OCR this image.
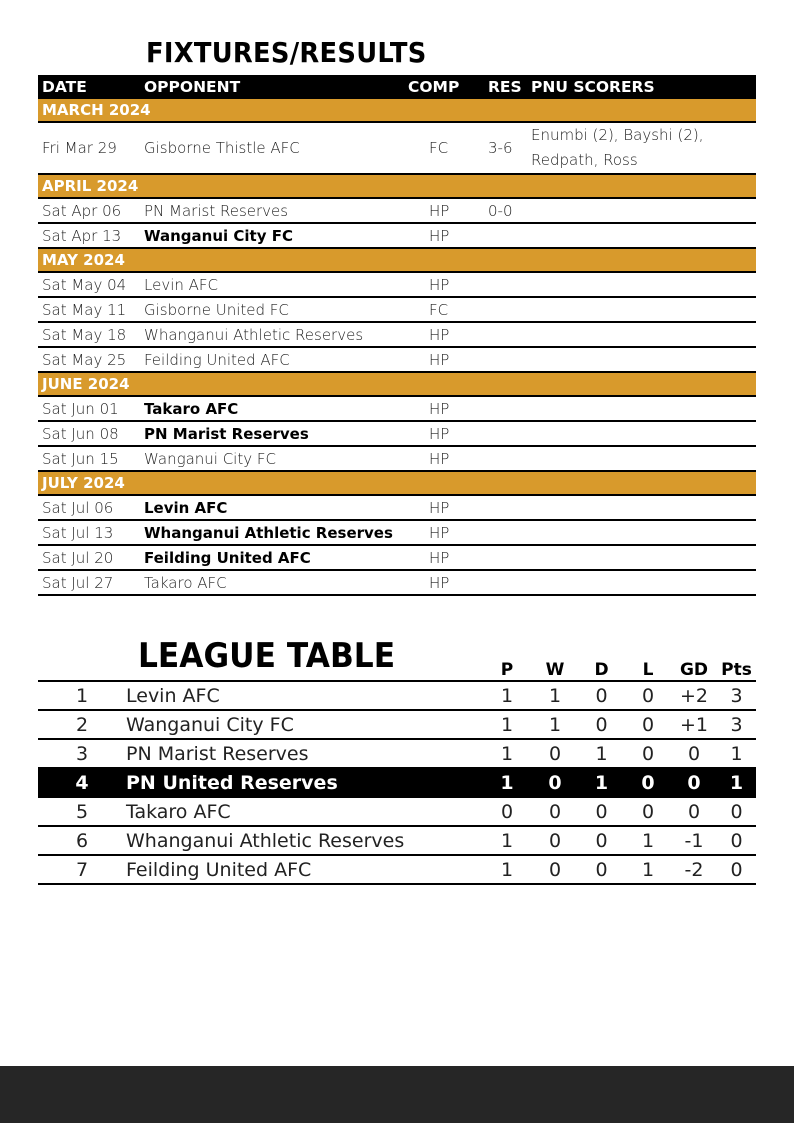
FIXTURES/RESULTS
DATE	OPPONENT	COMP	RES	PNU SCORERS
MARCH 2024				
Fri Mar 29	Gisborne Thistle AFC	FC	3-6	Enumbi (2), Bayshi (2), Redpath, Ross
APRIL 2024				
Sat Apr 06	PN Marist Reserves	HP	0-0	
Sat Apr 13	Wanganui City FC	HP		
MAY 2024				
Sat May 04	Levin AFC	HP		
Sat May 11	Gisborne United FC	FC		
Sat May 18	Whanganui Athletic Reserves	HP		
Sat May 25	Feilding United AFC	HP		
JUNE 2024				
Sat Jun 01	Takaro AFC	HP		
Sat Jun 08	PN Marist Reserves	HP		
Sat Jun 15	Wanganui City FC	HP		
JULY 2024				
Sat Jul 06	Levin AFC	HP		
Sat Jul 13	Whanganui Athletic Reserves	HP		
Sat Jul 20	Feilding United AFC	HP		
Sat Jul 27	Takaro AFC	HP		
LEAGUE TABLE
			P	W	D	L	GD	Pts
1	Levin AFC	1	1	0	0	+2	3
2	Wanganui City FC	1	1	0	0	+1	3
3	PN Marist Reserves	1	0	1	0	0	1
4	PN United Reserves	1	0	1	0	0	1
5	Takaro AFC	0	0	0	0	0	0
6	Whanganui Athletic Reserves	1	0	0	1	-1	0
7	Feilding United AFC	1	0	0	1	-2	0
